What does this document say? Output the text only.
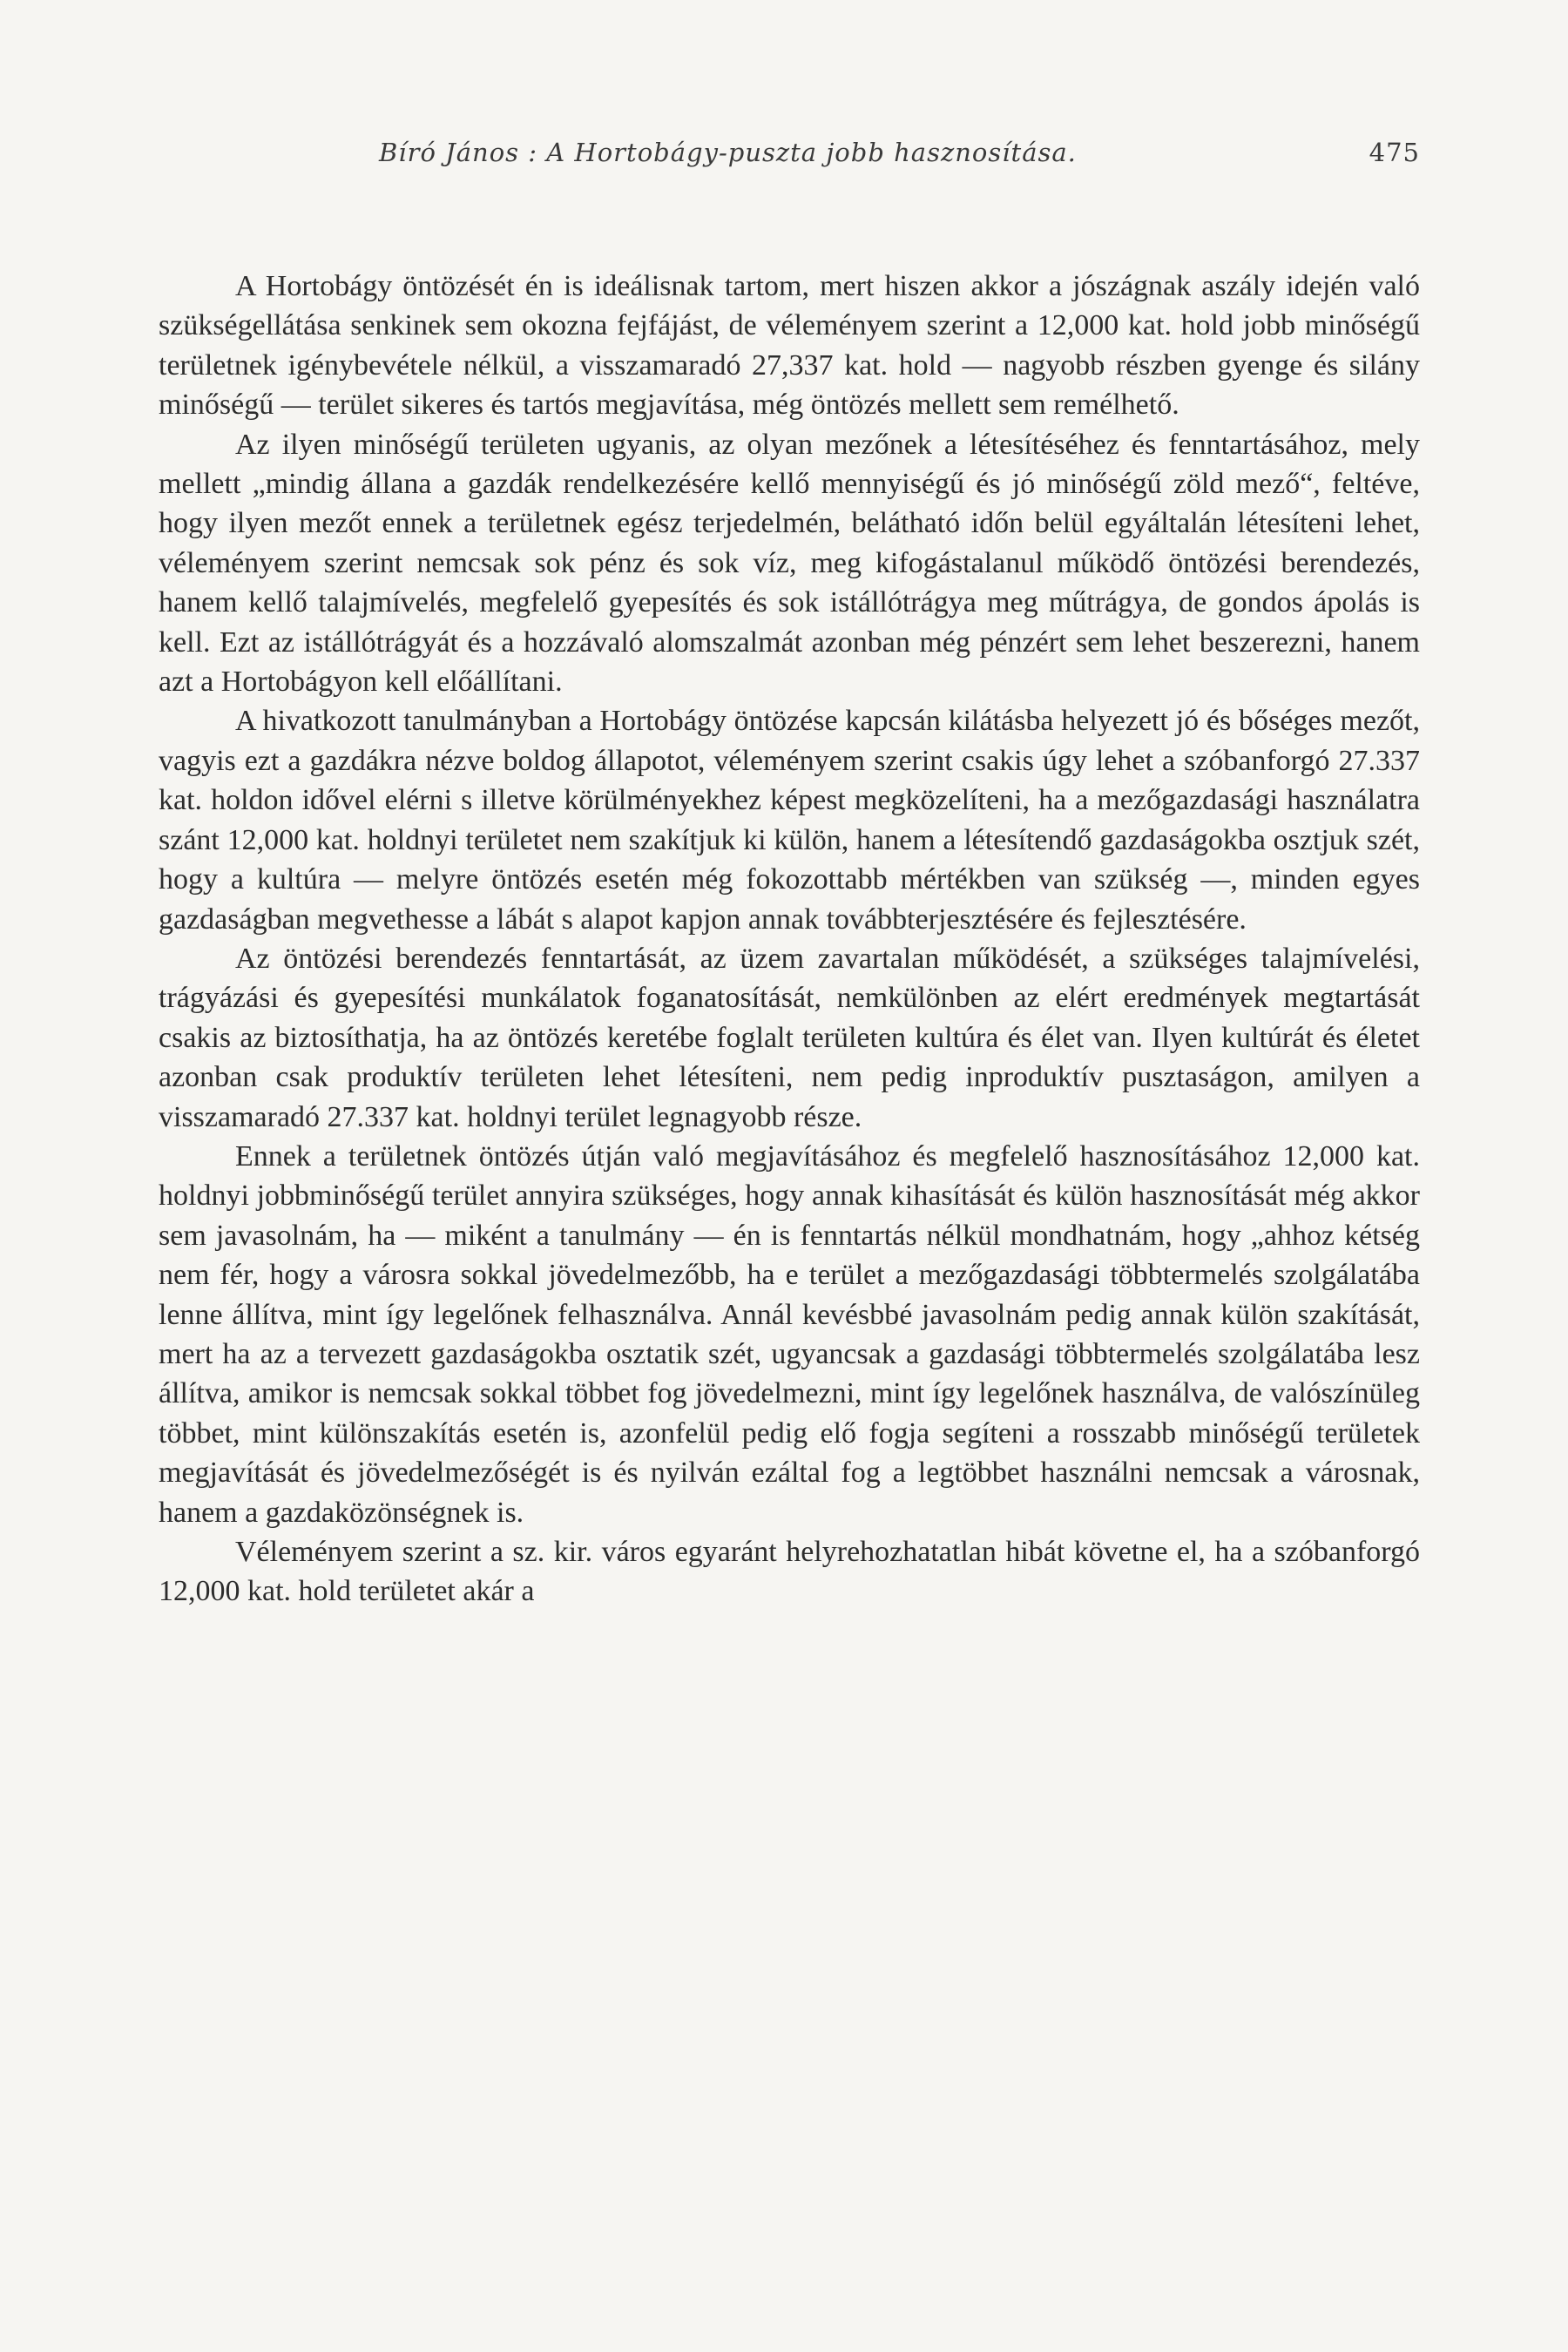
Bíró János : A Hortobágy-puszta jobb hasznosítása.	475

A Hortobágy öntözését én is ideálisnak tartom, mert hiszen akkor a jószágnak aszály idején való szükségellátása senkinek sem okozna fejfájást, de véleményem szerint a 12,000 kat. hold jobb minőségű területnek igénybevétele nélkül, a visszamaradó 27,337 kat. hold — nagyobb részben gyenge és silány minőségű — terület sikeres és tartós megjavítása, még öntözés mellett sem remélhető.

Az ilyen minőségű területen ugyanis, az olyan mezőnek a létesítéséhez és fenntartásához, mely mellett „mindig állana a gazdák rendelkezésére kellő mennyiségű és jó minőségű zöld mező“, feltéve, hogy ilyen mezőt ennek a területnek egész terjedelmén, belátható időn belül egyáltalán létesíteni lehet, véleményem szerint nemcsak sok pénz és sok víz, meg kifogástalanul működő öntözési berendezés, hanem kellő talajmívelés, megfelelő gyepesítés és sok istállótrágya meg műtrágya, de gondos ápolás is kell. Ezt az istállótrágyát és a hozzávaló alomszalmát azonban még pénzért sem lehet beszerezni, hanem azt a Hortobágyon kell előállítani.

A hivatkozott tanulmányban a Hortobágy öntözése kapcsán kilátásba helyezett jó és bőséges mezőt, vagyis ezt a gazdákra nézve boldog állapotot, véleményem szerint csakis úgy lehet a szóbanforgó 27.337 kat. holdon idővel elérni s illetve körülményekhez képest megközelíteni, ha a mezőgazdasági használatra szánt 12,000 kat. holdnyi területet nem szakítjuk ki külön, hanem a létesítendő gazdaságokba osztjuk szét, hogy a kultúra — melyre öntözés esetén még fokozottabb mértékben van szükség —, minden egyes gazdaságban megvethesse a lábát s alapot kapjon annak továbbterjesztésére és fejlesztésére.

Az öntözési berendezés fenntartását, az üzem zavartalan működését, a szükséges talajmívelési, trágyázási és gyepesítési munkálatok foganatosítását, nemkülönben az elért eredmények megtartását csakis az biztosíthatja, ha az öntözés keretébe foglalt területen kultúra és élet van. Ilyen kultúrát és életet azonban csak produktív területen lehet létesíteni, nem pedig inproduktív pusztaságon, amilyen a visszamaradó 27.337 kat. holdnyi terület legnagyobb része.

Ennek a területnek öntözés útján való megjavításához és megfelelő hasznosításához 12,000 kat. holdnyi jobbminőségű terület annyira szükséges, hogy annak kihasítását és külön hasznosítását még akkor sem javasolnám, ha — miként a tanulmány — én is fenntartás nélkül mondhatnám, hogy „ahhoz kétség nem fér, hogy a városra sokkal jövedelmezőbb, ha e terület a mezőgazdasági többtermelés szolgálatába lenne állítva, mint így legelőnek felhasználva. Annál kevésbbé javasolnám pedig annak külön szakítását, mert ha az a tervezett gazdaságokba osztatik szét, ugyancsak a gazdasági többtermelés szolgálatába lesz állítva, amikor is nemcsak sokkal többet fog jövedelmezni, mint így legelőnek használva, de valószínüleg többet, mint különszakítás esetén is, azonfelül pedig elő fogja segíteni a rosszabb minőségű területek megjavítását és jövedelmezőségét is és nyilván ezáltal fog a legtöbbet használni nemcsak a városnak, hanem a gazdaközönségnek is.

Véleményem szerint a sz. kir. város egyaránt helyrehozhatatlan hibát követne el, ha a szóbanforgó 12,000 kat. hold területet akár a
